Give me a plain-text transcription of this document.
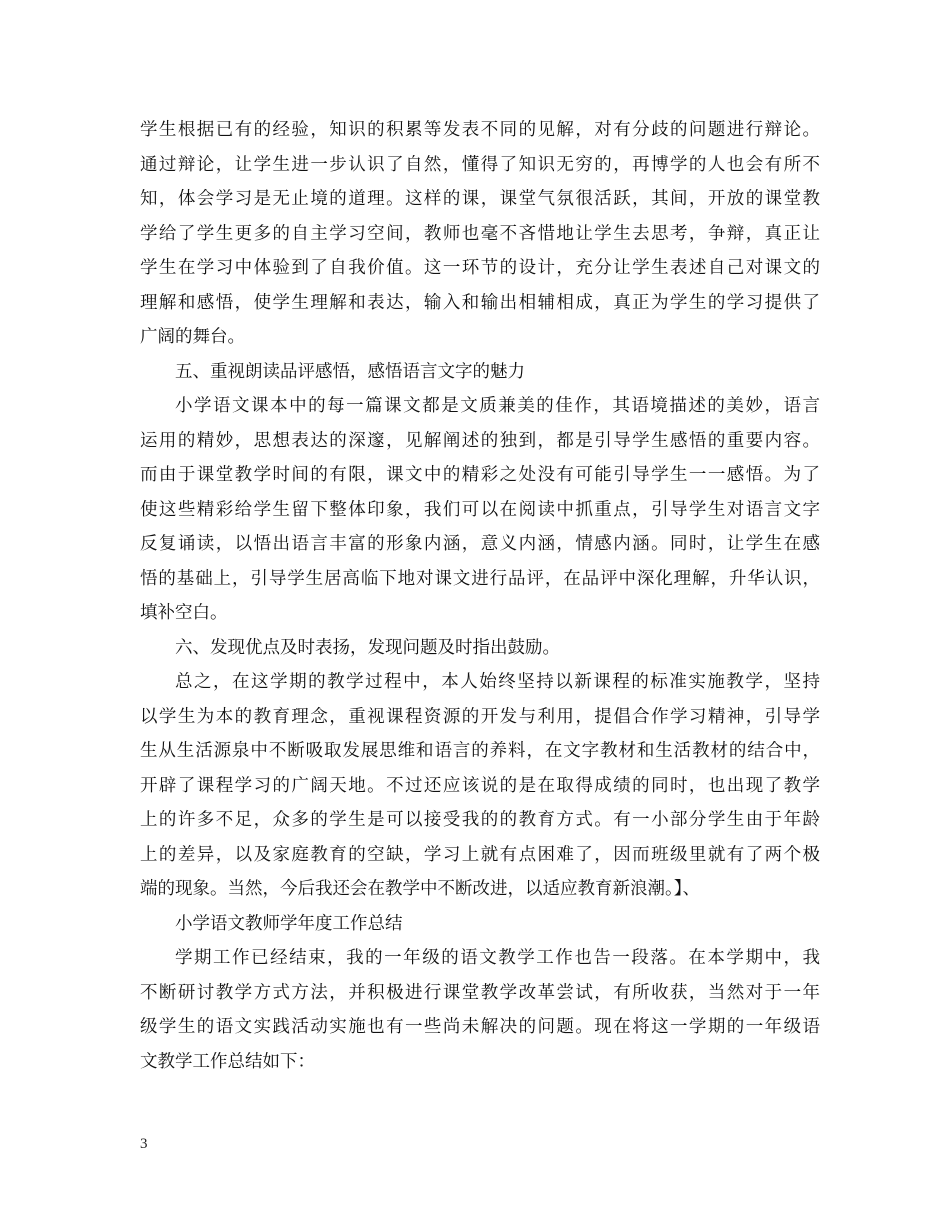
学生根据已有的经验，知识的积累等发表不同的见解，对有分歧的问题进行辩论。
通过辩论，让学生进一步认识了自然，懂得了知识无穷的，再博学的人也会有所不
知，体会学习是无止境的道理。这样的课，课堂气氛很活跃，其间，开放的课堂教
学给了学生更多的自主学习空间，教师也毫不吝惜地让学生去思考，争辩，真正让
学生在学习中体验到了自我价值。这一环节的设计，充分让学生表述自己对课文的
理解和感悟，使学生理解和表达，输入和输出相辅相成，真正为学生的学习提供了
广阔的舞台。
五、重视朗读品评感悟，感悟语言文字的魅力
小学语文课本中的每一篇课文都是文质兼美的佳作，其语境描述的美妙，语言
运用的精妙，思想表达的深邃，见解阐述的独到，都是引导学生感悟的重要内容。
而由于课堂教学时间的有限，课文中的精彩之处没有可能引导学生一一感悟。为了
使这些精彩给学生留下整体印象，我们可以在阅读中抓重点，引导学生对语言文字
反复诵读，以悟出语言丰富的形象内涵，意义内涵，情感内涵。同时，让学生在感
悟的基础上，引导学生居高临下地对课文进行品评，在品评中深化理解，升华认识，
填补空白。
六、发现优点及时表扬，发现问题及时指出鼓励。
总之，在这学期的教学过程中，本人始终坚持以新课程的标准实施教学，坚持
以学生为本的教育理念，重视课程资源的开发与利用，提倡合作学习精神，引导学
生从生活源泉中不断吸取发展思维和语言的养料，在文字教材和生活教材的结合中，
开辟了课程学习的广阔天地。不过还应该说的是在取得成绩的同时，也出现了教学
上的许多不足，众多的学生是可以接受我的的教育方式。有一小部分学生由于年龄
上的差异，以及家庭教育的空缺，学习上就有点困难了，因而班级里就有了两个极
端的现象。当然，今后我还会在教学中不断改进，以适应教育新浪潮。】、
小学语文教师学年度工作总结
学期工作已经结束，我的一年级的语文教学工作也告一段落。在本学期中，我
不断研讨教学方式方法，并积极进行课堂教学改革尝试，有所收获，当然对于一年
级学生的语文实践活动实施也有一些尚未解决的问题。现在将这一学期的一年级语
文教学工作总结如下：
3
